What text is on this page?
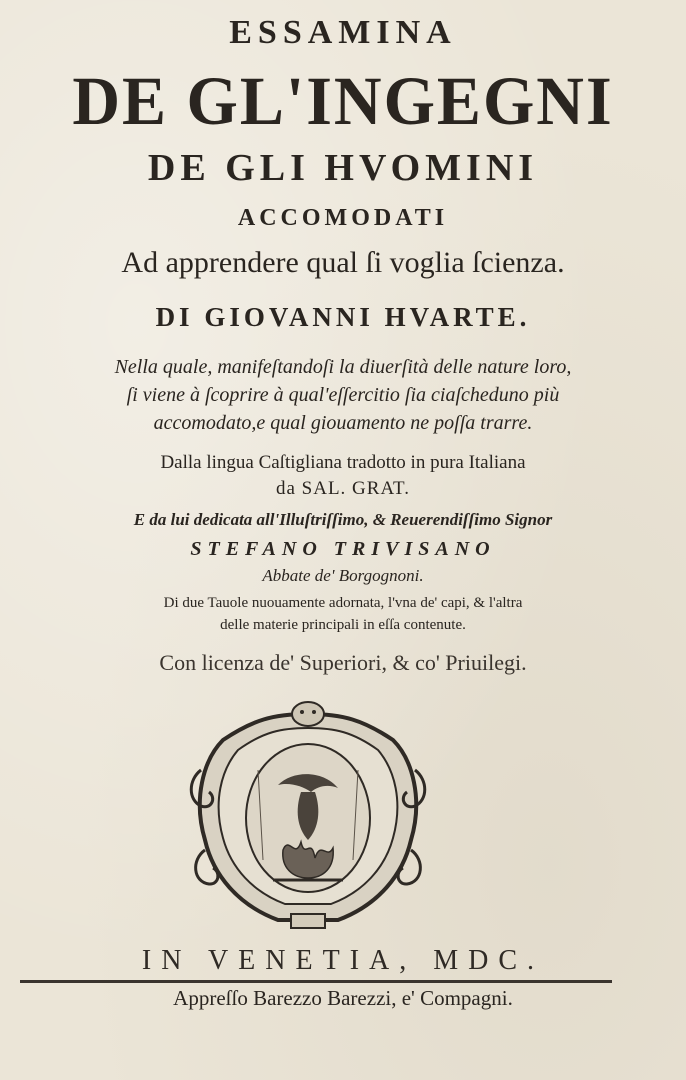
ESSAMINA
DE GL'INGEGNI
DE GLI HVOMINI
ACCOMODATI
Ad apprendere qual ſi voglia ſcienza.
DI GIOVANNI HVARTE.
Nella quale, manifeſtandoſi la diuerſità delle nature loro,
ſi viene à ſcoprire à qual'eſſercitio ſia ciaſcheduno più
accomodato,e qual giouamento ne poſſa trarre.
Dalla lingua Caſtigliana tradotto in pura Italiana
da SAL. GRAT.
E da lui dedicata all'Illuſtriſſimo, & Reuerendiſſimo Signor
STEFANO TRIVISANO
Abbate de' Borgognoni.
Di due Tauole nuouamente adornata, l'vna de' capi, & l'altra
delle materie principali in eſſa contenute.
Con licenza de' Superiori, & co' Priuilegi.
IN VENETIA, MDC.
Appreſſo Barezzo Barezzi, e' Compagni.
